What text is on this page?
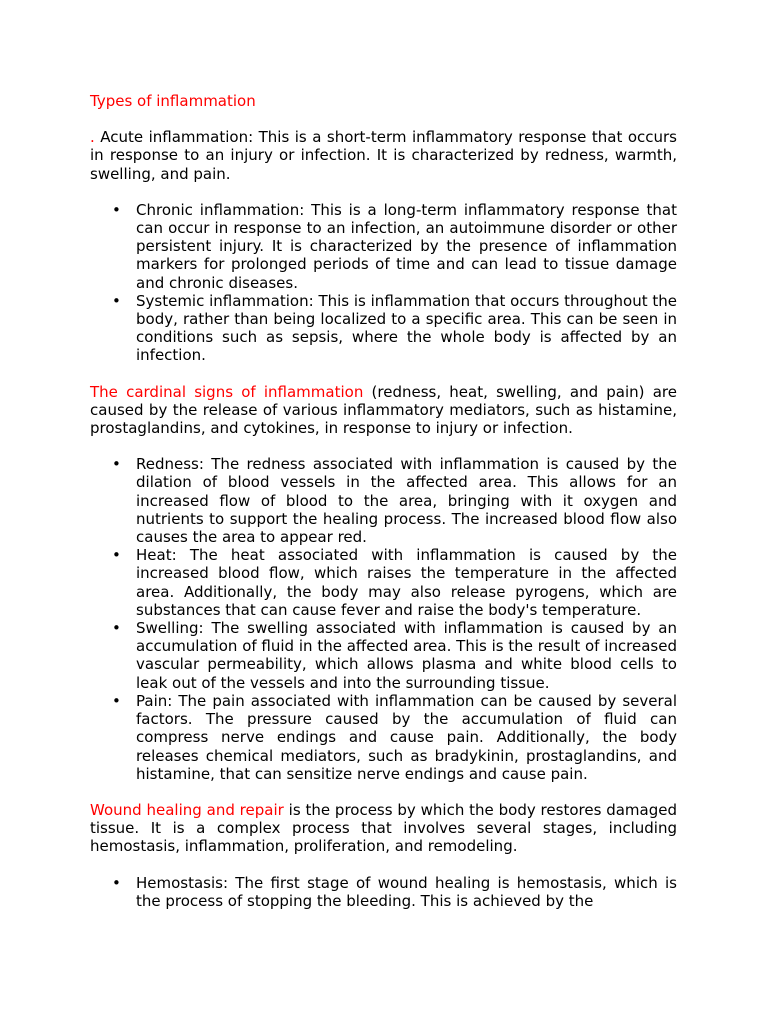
Types of inflammation

. Acute inflammation: This is a short-term inflammatory response that occurs in response to an injury or infection. It is characterized by redness, warmth, swelling, and pain.

• Chronic inflammation: This is a long-term inflammatory response that can occur in response to an infection, an autoimmune disorder or other persistent injury. It is characterized by the presence of inflammation markers for prolonged periods of time and can lead to tissue damage and chronic diseases.
• Systemic inflammation: This is inflammation that occurs throughout the body, rather than being localized to a specific area. This can be seen in conditions such as sepsis, where the whole body is affected by an infection.

The cardinal signs of inflammation (redness, heat, swelling, and pain) are caused by the release of various inflammatory mediators, such as histamine, prostaglandins, and cytokines, in response to injury or infection.

• Redness: The redness associated with inflammation is caused by the dilation of blood vessels in the affected area. This allows for an increased flow of blood to the area, bringing with it oxygen and nutrients to support the healing process. The increased blood flow also causes the area to appear red.
• Heat: The heat associated with inflammation is caused by the increased blood flow, which raises the temperature in the affected area. Additionally, the body may also release pyrogens, which are substances that can cause fever and raise the body's temperature.
• Swelling: The swelling associated with inflammation is caused by an accumulation of fluid in the affected area. This is the result of increased vascular permeability, which allows plasma and white blood cells to leak out of the vessels and into the surrounding tissue.
• Pain: The pain associated with inflammation can be caused by several factors. The pressure caused by the accumulation of fluid can compress nerve endings and cause pain. Additionally, the body releases chemical mediators, such as bradykinin, prostaglandins, and histamine, that can sensitize nerve endings and cause pain.

Wound healing and repair is the process by which the body restores damaged tissue. It is a complex process that involves several stages, including hemostasis, inflammation, proliferation, and remodeling.

• Hemostasis: The first stage of wound healing is hemostasis, which is the process of stopping the bleeding. This is achieved by the
